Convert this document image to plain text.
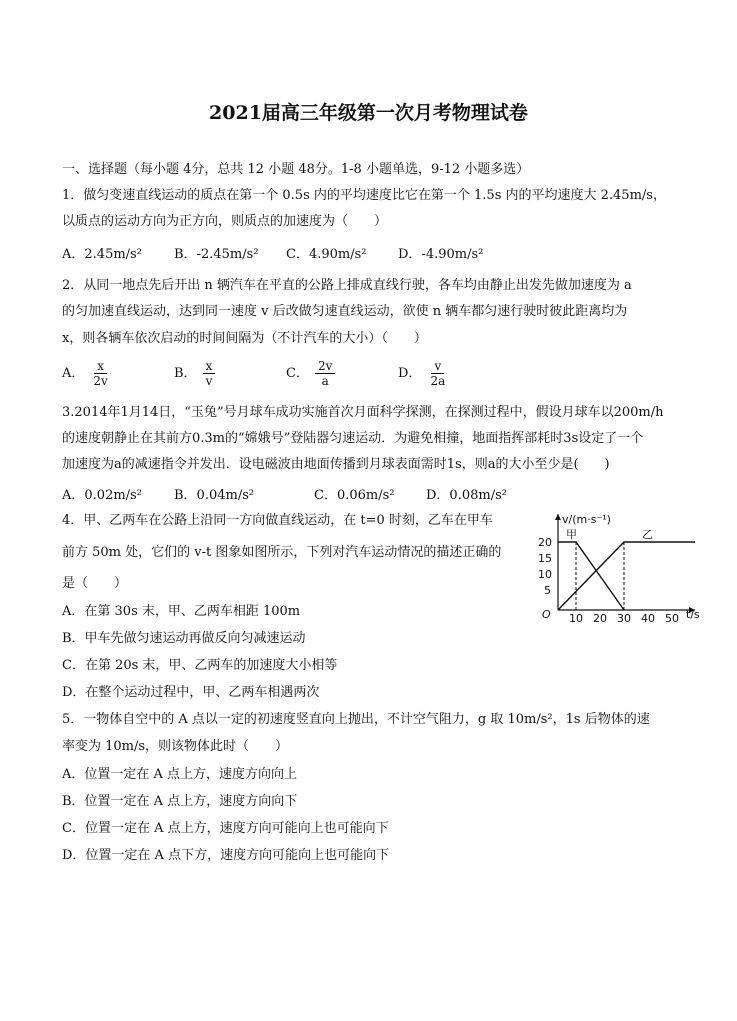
2021届高三年级第一次月考物理试卷
一、选择题（每小题 4分，总共 12 小题 48分。1-8 小题单选，9-12 小题多选）
1．做匀变速直线运动的质点在第一个 0.5s 内的平均速度比它在第一个 1.5s 内的平均速度大 2.45m/s，
以质点的运动方向为正方向，则质点的加速度为（　　）
A．2.45m/s² B．-2.45m/s² C．4.90m/s² D．-4.90m/s²
2．从同一地点先后开出 n 辆汽车在平直的公路上排成直线行驶，各车均由静止出发先做加速度为 a
的匀加速直线运动，达到同一速度 v 后改做匀速直线运动，欲使 n 辆车都匀速行驶时彼此距离均为
x，则各辆车依次启动的时间间隔为（不计汽车的大小）（　　）
A． $\frac{x}{2v}$	B． $\frac{x}{v}$	C． $\frac{2v}{a}$	D． $\frac{v}{2a}$
3.2014年1月14日，“玉兔”号月球车成功实施首次月面科学探测，在探测过程中，假设月球车以200m/h
的速度朝静止在其前方0.3m的“嫦娥号”登陆器匀速运动．为避免相撞，地面指挥部耗时3s设定了一个
加速度为a的减速指令并发出．设电磁波由地面传播到月球表面需时1s，则a的大小至少是(　　)
A．0.02m/s² B．0.04m/s²	C．0.06m/s² D．0.08m/s²
4．甲、乙两车在公路上沿同一方向做直线运动，在 t=0 时刻，乙车在甲车
前方 50m 处，它们的 v-t 图象如图所示，下列对汽车运动情况的描述正确的
是（　　）
A．在第 30s 末，甲、乙两车相距 100m
B．甲车先做匀速运动再做反向匀减速运动
C．在第 20s 末，甲、乙两车的加速度大小相等
D．在整个运动过程中，甲、乙两车相遇两次
v/(m·s⁻¹)
t/s
O
20
15
10
5
10 20 30 40 50
甲	乙
5．一物体自空中的 A 点以一定的初速度竖直向上抛出，不计空气阻力，g 取 10m/s²，1s 后物体的速
率变为 10m/s，则该物体此时（　　）
A．位置一定在 A 点上方，速度方向向上
B．位置一定在 A 点上方，速度方向向下
C．位置一定在 A 点上方，速度方向可能向上也可能向下
D．位置一定在 A 点下方，速度方向可能向上也可能向下
